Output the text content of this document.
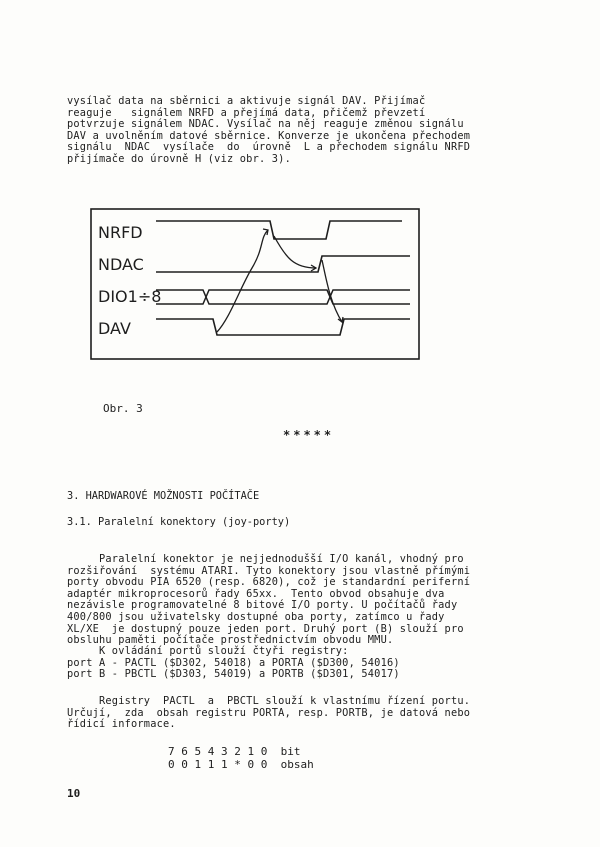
vysílač data na sběrnici a aktivuje signál DAV. Přijímač
reaguje   signálem NRFD a přejímá data, přičemž převzetí
potvrzuje signálem NDAC. Vysílač na něj reaguje změnou signálu
DAV a uvolněním datové sběrnice. Konverze je ukončena přechodem
signálu  NDAC  vysílače  do  úrovně  L a přechodem signálu NRFD
přijímače do úrovně H (viz obr. 3).
NRFD
NDAC
DIO1÷8
DAV
Obr. 3
*****
3. HARDWAROVÉ MOŽNOSTI POČÍTAČE
3.1. Paralelní konektory (joy-porty)
Paralelní konektor je nejjednodušší I/O kanál, vhodný pro
rozšiřování  systému ATARI. Tyto konektory jsou vlastně přímými
porty obvodu PIA 6520 (resp. 6820), což je standardní periferní
adaptér mikroprocesorů řady 65xx.  Tento obvod obsahuje dva
nezávisle programovatelné 8 bitové I/O porty. U počítačů řady
400/800 jsou uživatelsky dostupné oba porty, zatímco u řady
XL/XE  je dostupný pouze jeden port. Druhý port (B) slouží pro
obsluhu paměti počítače prostřednictvím obvodu MMU.
K ovládání portů slouží čtyři registry:
port A - PACTL ($D302, 54018) a PORTA ($D300, 54016)
port B - PBCTL ($D303, 54019) a PORTB ($D301, 54017)
Registry  PACTL  a  PBCTL slouží k vlastnímu řízení portu.
Určují,  zda  obsah registru PORTA, resp. PORTB, je datová nebo
řídicí informace.
7 6 5 4 3 2 1 0  bit
0 0 1 1 1 * 0 0  obsah
10
